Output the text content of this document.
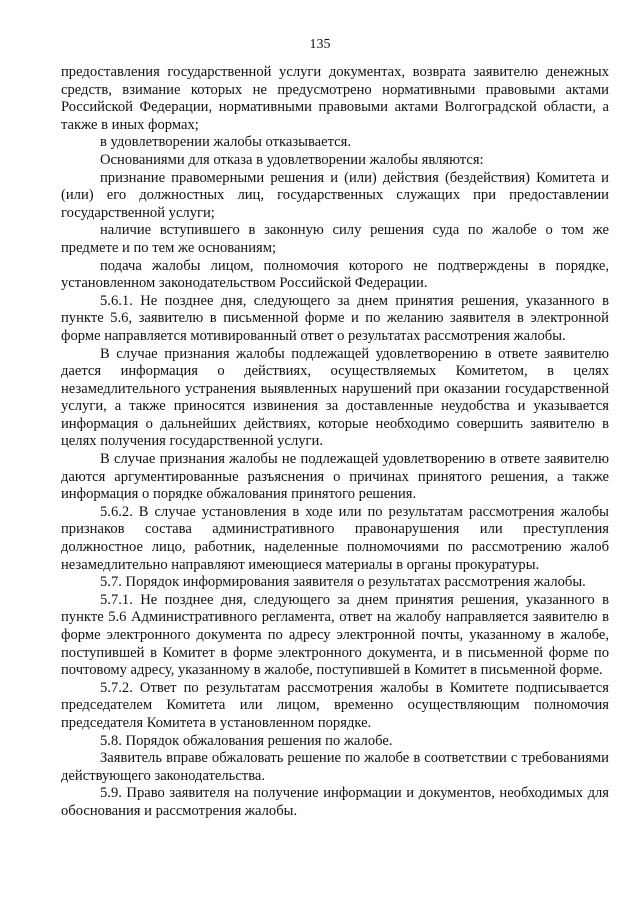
135

предоставления государственной услуги документах, возврата заявителю денежных средств, взимание которых не предусмотрено нормативными правовыми актами Российской Федерации, нормативными правовыми актами Волгоградской области, а также в иных формах;

в удовлетворении жалобы отказывается.

Основаниями для отказа в удовлетворении жалобы являются:

признание правомерными решения и (или) действия (бездействия) Комитета и (или) его должностных лиц, государственных служащих при предоставлении государственной услуги;

наличие вступившего в законную силу решения суда по жалобе о том же предмете и по тем же основаниям;

подача жалобы лицом, полномочия которого не подтверждены в порядке, установленном законодательством Российской Федерации.

5.6.1. Не позднее дня, следующего за днем принятия решения, указанного в пункте 5.6, заявителю в письменной форме и по желанию заявителя в электронной форме направляется мотивированный ответ о результатах рассмотрения жалобы.

В случае признания жалобы подлежащей удовлетворению в ответе заявителю дается информация о действиях, осуществляемых Комитетом, в целях незамедлительного устранения выявленных нарушений при оказании государственной услуги, а также приносятся извинения за доставленные неудобства и указывается информация о дальнейших действиях, которые необходимо совершить заявителю в целях получения государственной услуги.

В случае признания жалобы не подлежащей удовлетворению в ответе заявителю даются аргументированные разъяснения о причинах принятого решения, а также информация о порядке обжалования принятого решения.

5.6.2. В случае установления в ходе или по результатам рассмотрения жалобы признаков состава административного правонарушения или преступления должностное лицо, работник, наделенные полномочиями по рассмотрению жалоб незамедлительно направляют имеющиеся материалы в органы прокуратуры.

5.7. Порядок информирования заявителя о результатах рассмотрения жалобы.

5.7.1. Не позднее дня, следующего за днем принятия решения, указанного в пункте 5.6 Административного регламента, ответ на жалобу направляется заявителю в форме электронного документа по адресу электронной почты, указанному в жалобе, поступившей в Комитет в форме электронного документа, и в письменной форме по почтовому адресу, указанному в жалобе, поступившей в Комитет в письменной форме.

5.7.2. Ответ по результатам рассмотрения жалобы в Комитете подписывается председателем Комитета или лицом, временно осуществляющим полномочия председателя Комитета в установленном порядке.

5.8. Порядок обжалования решения по жалобе.

Заявитель вправе обжаловать решение по жалобе в соответствии с требованиями действующего законодательства.

5.9. Право заявителя на получение информации и документов, необходимых для обоснования и рассмотрения жалобы.
